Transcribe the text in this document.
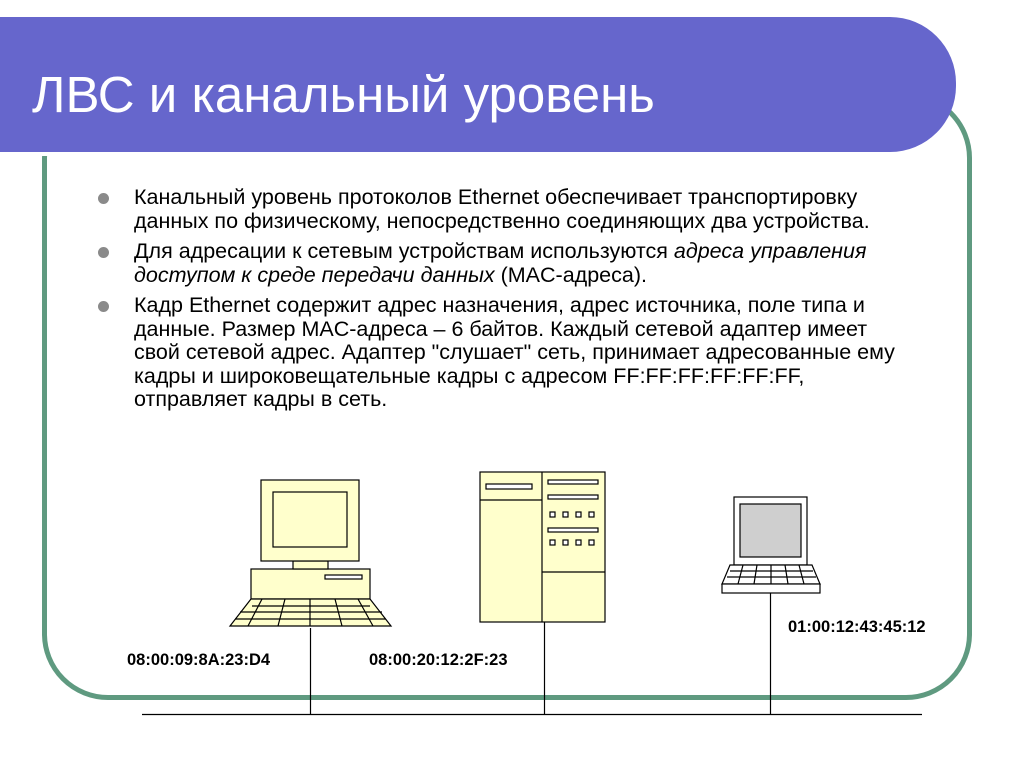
ЛВС и канальный уровень
Канальный уровень протоколов Ethernet обеспечивает транспортировку данных по физическому, непосредственно соединяющих два устройства.
Для адресации к сетевым устройствам используются адреса управления доступом к среде передачи данных (MAC-адреса).
Кадр Ethernet содержит адрес назначения, адрес источника, поле типа и данные. Размер MAC-адреса – 6 байтов. Каждый сетевой адаптер имеет свой сетевой адрес. Адаптер "слушает" сеть, принимает адресованные ему кадры и широковещательные кадры с адресом FF:FF:FF:FF:FF:FF, отправляет кадры в сеть.
08:00:09:8A:23:D4	08:00:20:12:2F:23
01:00:12:43:45:12
